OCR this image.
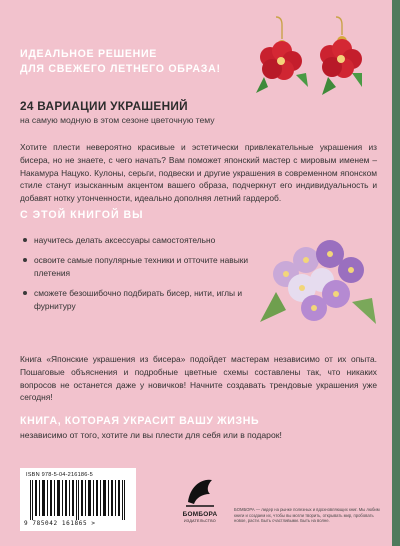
ИДЕАЛЬНОЕ РЕШЕНИЕ
ДЛЯ СВЕЖЕГО ЛЕТНЕГО ОБРАЗА!
24 ВАРИАЦИИ УКРАШЕНИЙ
на самую модную в этом сезоне цветочную тему

Хотите плести невероятно красивые и эстетически привлекательные украшения из бисера, но не знаете, с чего начать? Вам поможет японский мастер с мировым именем – Накамура Нацуко. Кулоны, серьги, подвески и другие украшения в современном японском стиле станут изысканным акцентом вашего образа, подчеркнут его индивидуальность и добавят нотку утонченности, идеально дополняя летний гардероб.

С ЭТОЙ КНИГОЙ ВЫ
научитесь делать аксессуары самостоятельно
освоите самые популярные техники и отточите навыки плетения
сможете безошибочно подбирать бисер, нити, иглы и фурнитуру

Книга «Японские украшения из бисера» подойдет мастерам независимо от их опыта. Пошаговые объяснения и подробные цветные схемы составлены так, что никаких вопросов не останется даже у новичков! Начните создавать трендовые украшения уже сегодня!

КНИГА, КОТОРАЯ УКРАСИТ ВАШУ ЖИЗНЬ
независимо от того, хотите ли вы плести для себя или в подарок!
ISBN 978-5-04-216186-5
9 785042 161865 >
БОМБОРА
ИЗДАТЕЛЬСТВО
БОМБОРА — лидер на рынке полезных и вдохновляющих книг. Мы любим книги и создаем их, чтобы вы могли творить, открывать мир, пробовать новое, расти. Быть счастливыми. Быть на волне.
